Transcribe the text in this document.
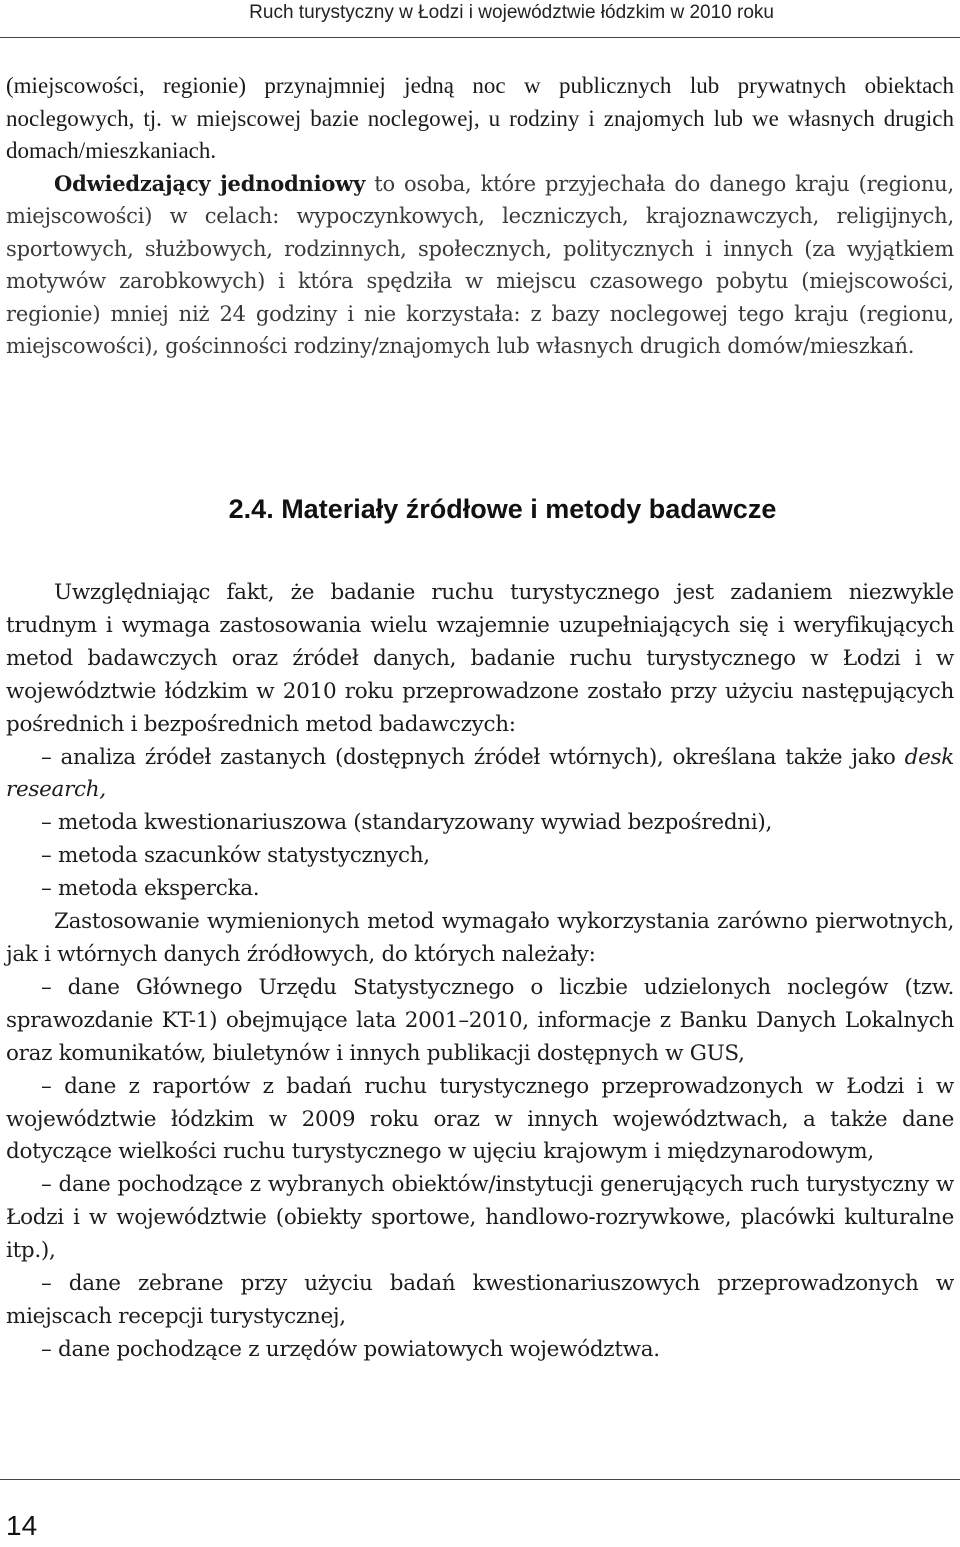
Ruch turystyczny w Łodzi i województwie łódzkim w 2010 roku

(miejscowości, regionie) przynajmniej jedną noc w publicznych lub prywatnych obiektach noclegowych, tj. w miejscowej bazie noclegowej, u rodziny i znajomych lub we własnych drugich domach/mieszkaniach.

Odwiedzający jednodniowy to osoba, które przyjechała do danego kraju (regionu, miejscowości) w celach: wypoczynkowych, leczniczych, krajoznawczych, religijnych, sportowych, służbowych, rodzinnych, społecznych, politycznych i innych (za wyjątkiem motywów zarobkowych) i która spędziła w miejscu czasowego pobytu (miejscowości, regionie) mniej niż 24 godziny i nie korzystała: z bazy noclegowej tego kraju (regionu, miejscowości), gościnności rodziny/znajomych lub własnych drugich domów/mieszkań.

2.4. Materiały źródłowe i metody badawcze

Uwzględniając fakt, że badanie ruchu turystycznego jest zadaniem niezwykle trudnym i wymaga zastosowania wielu wzajemnie uzupełniających się i weryfikujących metod badawczych oraz źródeł danych, badanie ruchu turystycznego w Łodzi i w województwie łódzkim w 2010 roku przeprowadzone zostało przy użyciu następujących pośrednich i bezpośrednich metod badawczych:

– analiza źródeł zastanych (dostępnych źródeł wtórnych), określana także jako desk research,

– metoda kwestionariuszowa (standaryzowany wywiad bezpośredni),

– metoda szacunków statystycznych,

– metoda ekspercka.

Zastosowanie wymienionych metod wymagało wykorzystania zarówno pierwotnych, jak i wtórnych danych źródłowych, do których należały:

– dane Głównego Urzędu Statystycznego o liczbie udzielonych noclegów (tzw. sprawozdanie KT-1) obejmujące lata 2001–2010, informacje z Banku Danych Lokalnych oraz komunikatów, biuletynów i innych publikacji dostępnych w GUS,

– dane z raportów z badań ruchu turystycznego przeprowadzonych w Łodzi i w województwie łódzkim w 2009 roku oraz w innych województwach, a także dane dotyczące wielkości ruchu turystycznego w ujęciu krajowym i międzynarodowym,

– dane pochodzące z wybranych obiektów/instytucji generujących ruch turystyczny w Łodzi i w województwie (obiekty sportowe, handlowo-rozrywkowe, placówki kulturalne itp.),

– dane zebrane przy użyciu badań kwestionariuszowych przeprowadzonych w miejscach recepcji turystycznej,

– dane pochodzące z urzędów powiatowych województwa.

14
